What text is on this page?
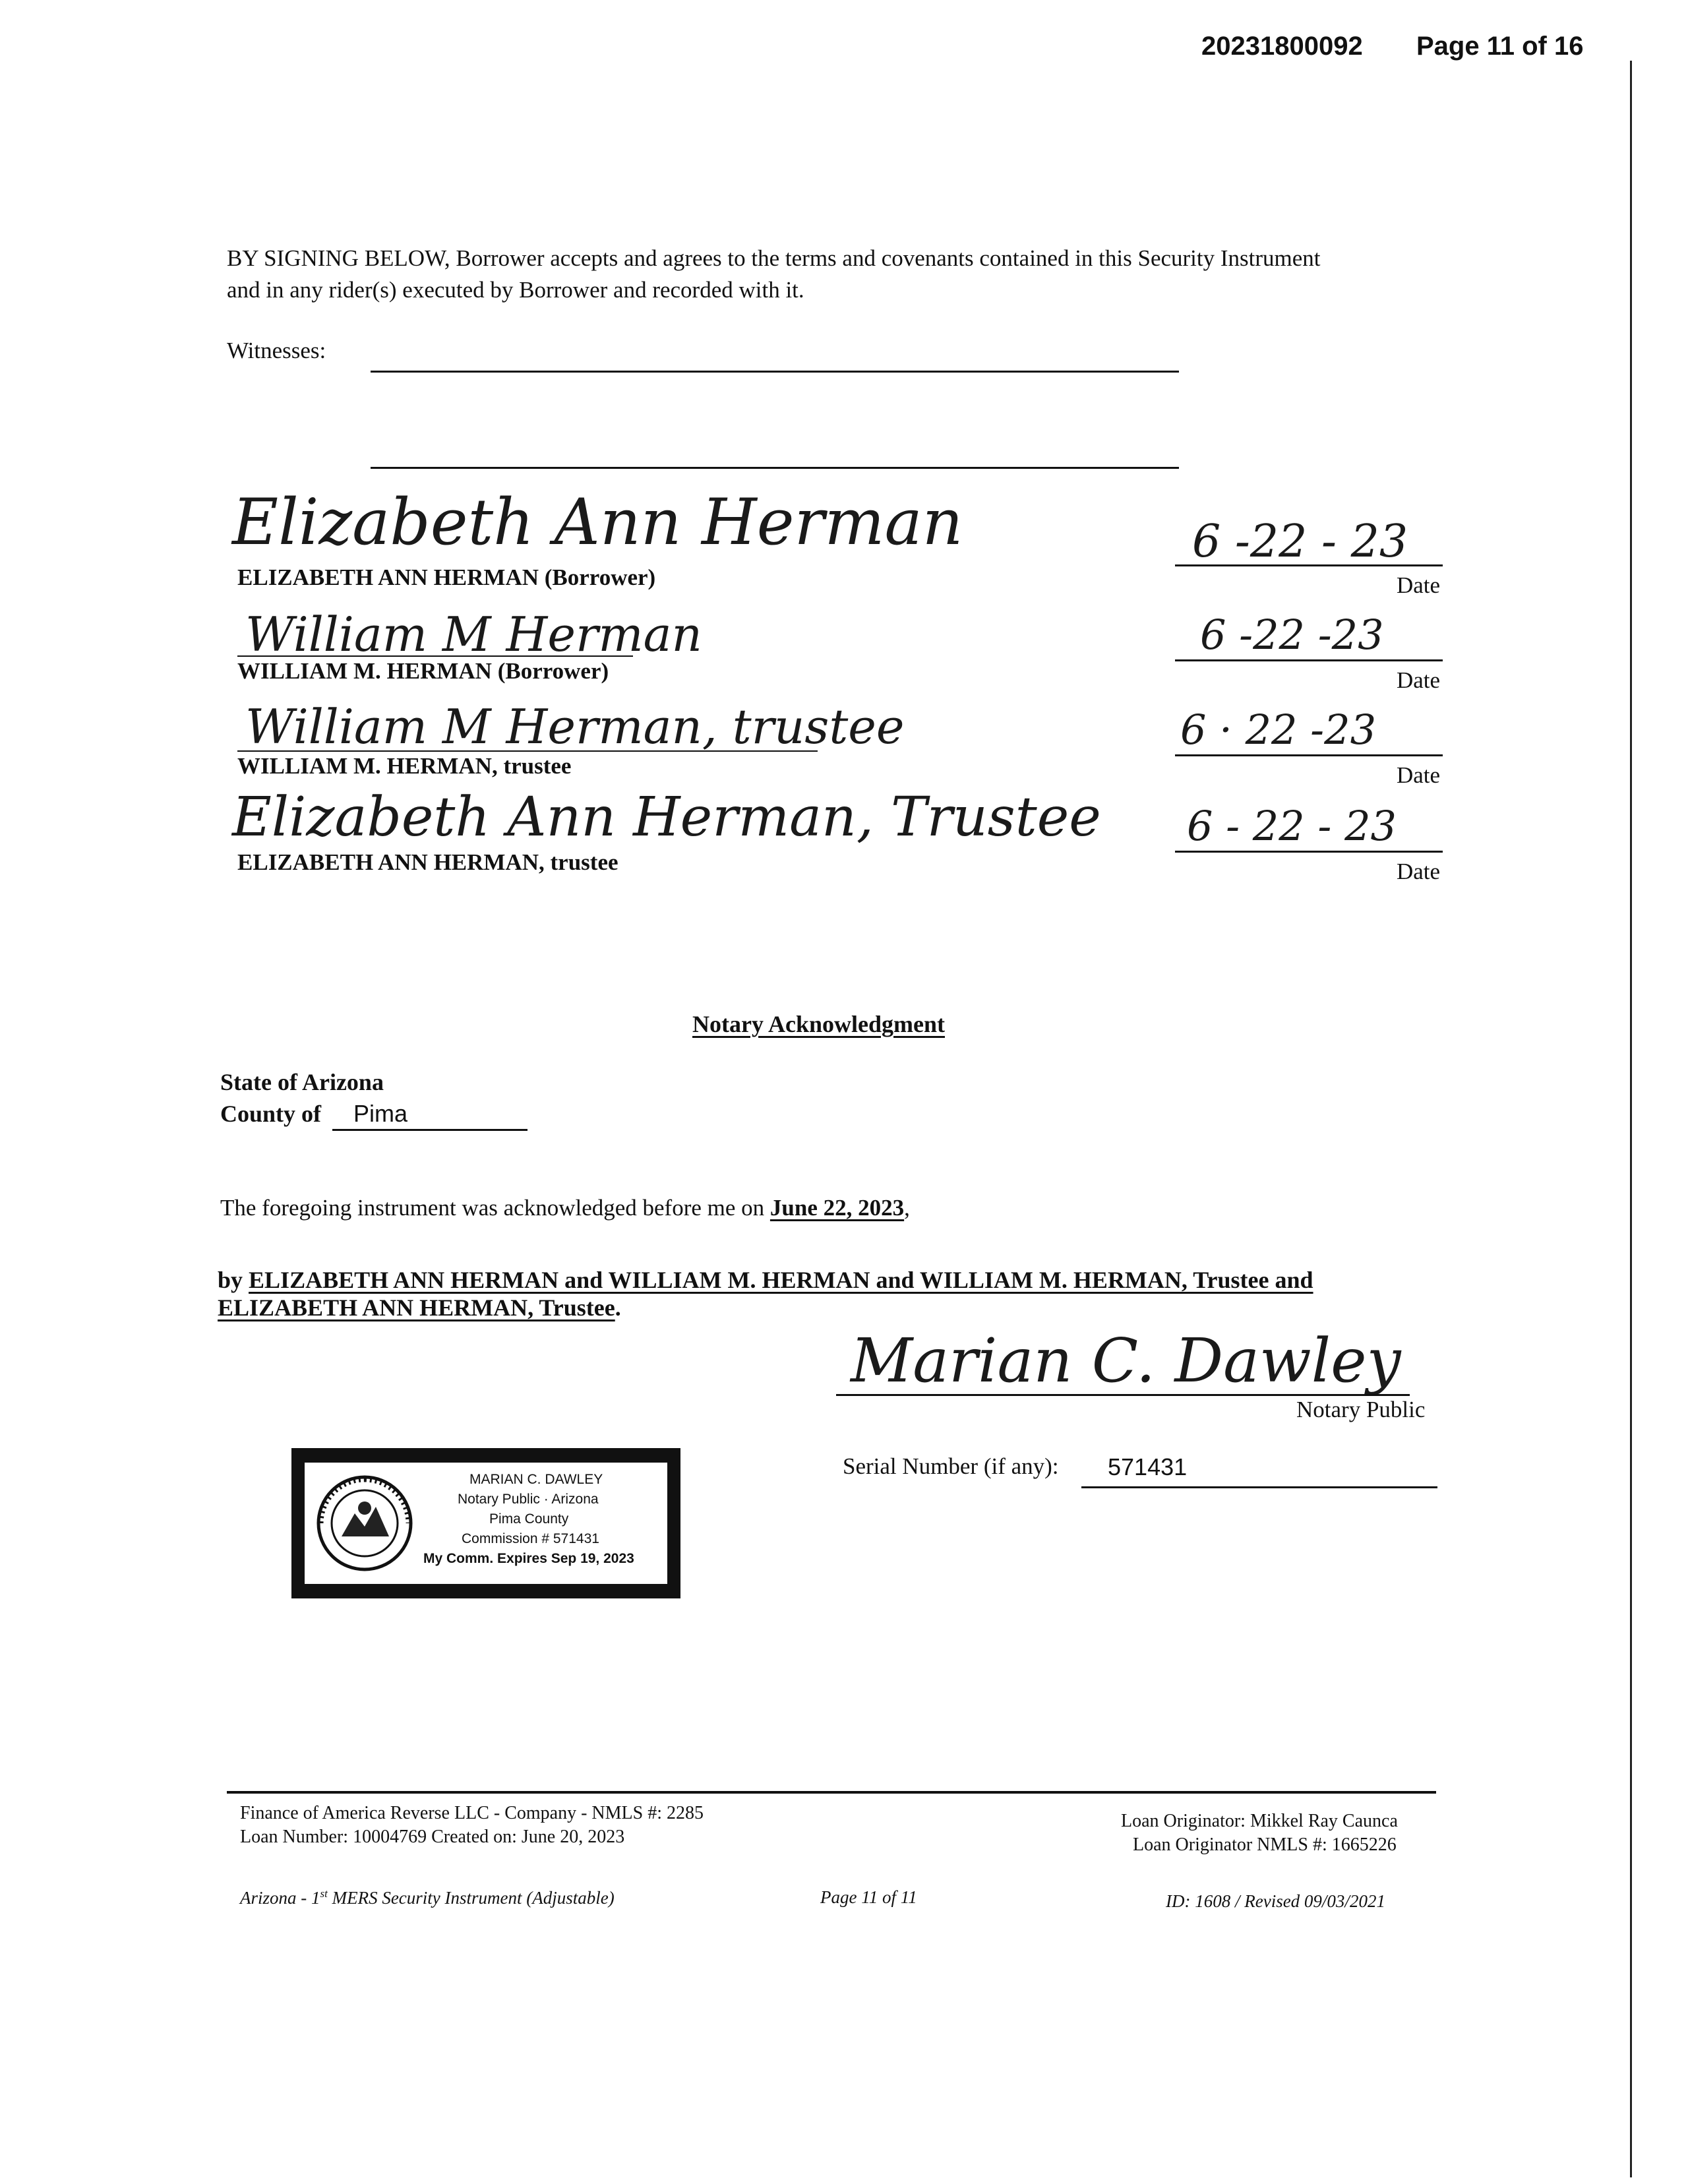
20231800092 Page 11 of 16
BY SIGNING BELOW, Borrower accepts and agrees to the terms and covenants contained in this Security Instrument
and in any rider(s) executed by Borrower and recorded with it.
Witnesses:
Elizabeth Ann Herman
ELIZABETH ANN HERMAN (Borrower)
6 -22 - 23
Date
William M Herman
WILLIAM M. HERMAN (Borrower)
6 -22 -23
Date
William M Herman, trustee
WILLIAM M. HERMAN, trustee
6 · 22 -23
Date
Elizabeth Ann Herman, Trustee
ELIZABETH ANN HERMAN, trustee
6 - 22 - 23
Date
Notary Acknowledgment
State of Arizona
County of Pima
The foregoing instrument was acknowledged before me on June 22, 2023,
by ELIZABETH ANN HERMAN and WILLIAM M. HERMAN and WILLIAM M. HERMAN, Trustee and
ELIZABETH ANN HERMAN, Trustee.
Marian C. Dawley
Notary Public
Serial Number (if any): 571431
MARIAN C. DAWLEY
Notary Public · Arizona
Pima County
Commission # 571431
My Comm. Expires Sep 19, 2023
Finance of America Reverse LLC - Company - NMLS #: 2285
Loan Number: 10004769 Created on: June 20, 2023
Loan Originator: Mikkel Ray Caunca
Loan Originator NMLS #: 1665226
Arizona - 1st MERS Security Instrument (Adjustable)	Page 11 of 11	ID: 1608 / Revised 09/03/2021
